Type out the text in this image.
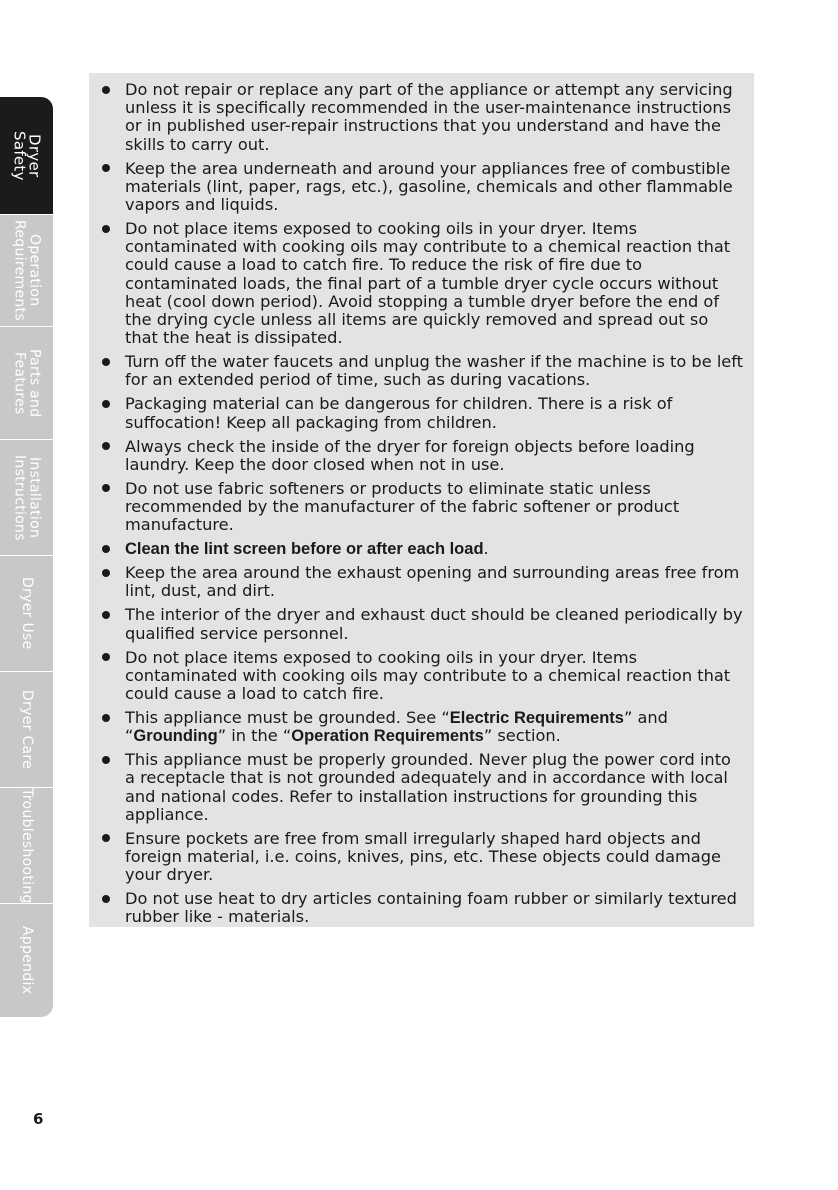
Dryer
Safety
Operation
Requirements
Parts and
Features
Installation
Instructions
Dryer Use
Dryer Care
Troubleshooting
Appendix
Do not repair or replace any part of the appliance or attempt any servicing unless it is specifically recommended in the user-maintenance instructions or in published user-repair instructions that you understand and have the skills to carry out.
Keep the area underneath and around your appliances free of combustible materials (lint, paper, rags, etc.), gasoline, chemicals and other flammable vapors and liquids.
Do not place items exposed to cooking oils in your dryer. Items contaminated with cooking oils may contribute to a chemical reaction that could cause a load to catch fire. To reduce the risk of fire due to contaminated loads, the final part of a tumble dryer cycle occurs without heat (cool down period). Avoid stopping a tumble dryer before the end of the drying cycle unless all items are quickly removed and spread out so that the heat is dissipated.
Turn off the water faucets and unplug the washer if the machine is to be left for an extended period of time, such as during vacations.
Packaging material can be dangerous for children. There is a risk of suffocation! Keep all packaging from children.
Always check the inside of the dryer for foreign objects before loading laundry. Keep the door closed when not in use.
Do not use fabric softeners or products to eliminate static unless recommended by the manufacturer of the fabric softener or product manufacture.
Clean the lint screen before or after each load.
Keep the area around the exhaust opening and surrounding areas free from lint, dust, and dirt.
The interior of the dryer and exhaust duct should be cleaned periodically by qualified service personnel.
Do not place items exposed to cooking oils in your dryer. Items contaminated with cooking oils may contribute to a chemical reaction that could cause a load to catch fire.
This appliance must be grounded. See “Electric Requirements” and “Grounding” in the “Operation Requirements” section.
This appliance must be properly grounded. Never plug the power cord into a receptacle that is not grounded adequately and in accordance with local and national codes. Refer to installation instructions for grounding this appliance.
Ensure pockets are free from small irregularly shaped hard objects and foreign material, i.e. coins, knives, pins, etc. These objects could damage your dryer.
Do not use heat to dry articles containing foam rubber or similarly textured rubber like - materials.
6
